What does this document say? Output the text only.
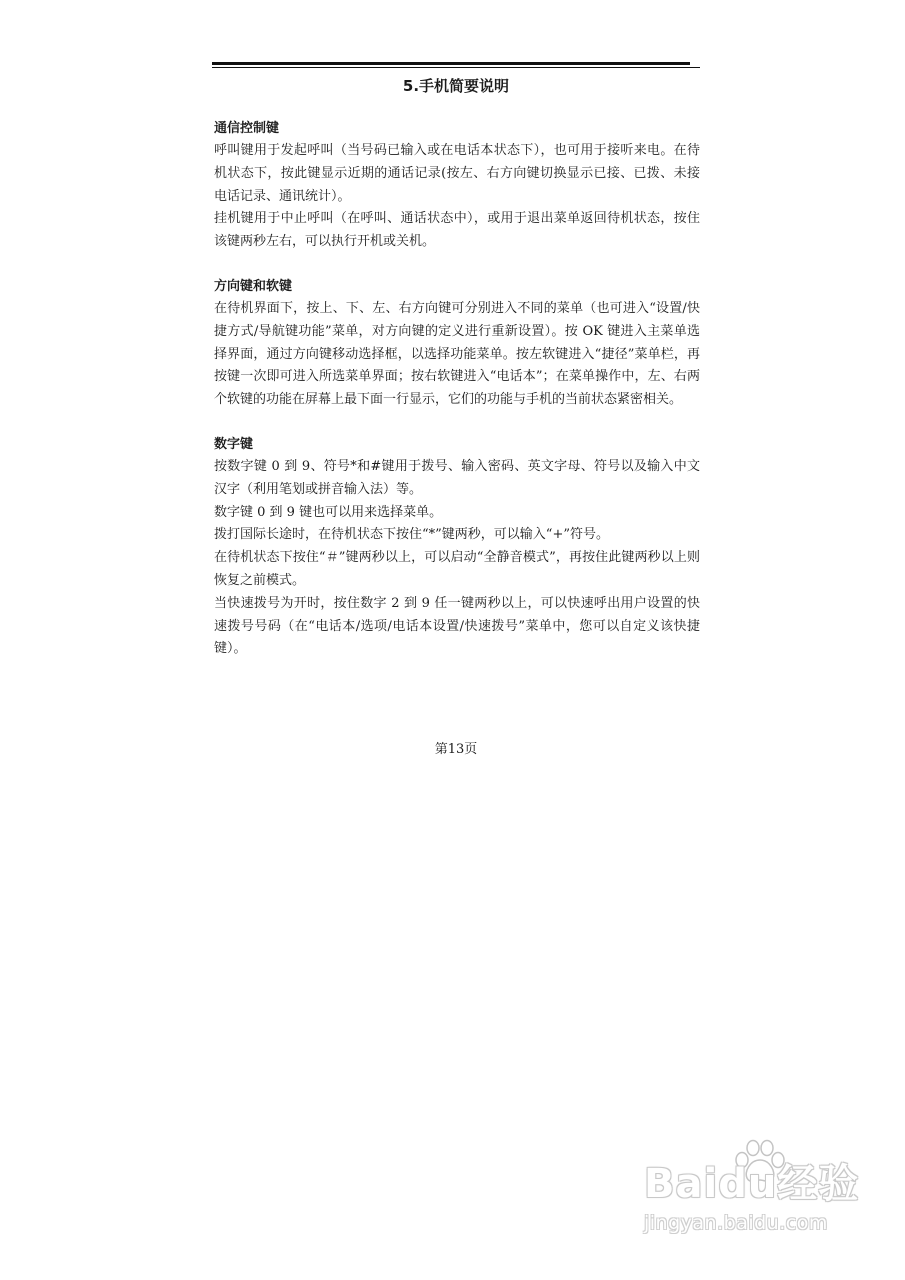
5.手机简要说明

通信控制键

呼叫键用于发起呼叫（当号码已输入或在电话本状态下），也可用于接听来电。在待机状态下，按此键显示近期的通话记录(按左、右方向键切换显示已接、已拨、未接电话记录、通讯统计）。

挂机键用于中止呼叫（在呼叫、通话状态中），或用于退出菜单返回待机状态，按住该键两秒左右，可以执行开机或关机。

方向键和软键

在待机界面下，按上、下、左、右方向键可分别进入不同的菜单（也可进入“设置/快捷方式/导航键功能”菜单，对方向键的定义进行重新设置）。按 OK 键进入主菜单选择界面，通过方向键移动选择框，以选择功能菜单。按左软键进入“捷径”菜单栏，再按键一次即可进入所选菜单界面；按右软键进入“电话本”；在菜单操作中，左、右两个软键的功能在屏幕上最下面一行显示，它们的功能与手机的当前状态紧密相关。

数字键

按数字键 0 到 9、符号*和#键用于拨号、输入密码、英文字母、符号以及输入中文汉字（利用笔划或拼音输入法）等。

数字键 0 到 9 键也可以用来选择菜单。

拨打国际长途时，在待机状态下按住“*”键两秒，可以输入“+”符号。

在待机状态下按住“＃”键两秒以上，可以启动“全静音模式”，再按住此键两秒以上则恢复之前模式。

当快速拨号为开时，按住数字 2 到 9 任一键两秒以上，可以快速呼出用户设置的快速拨号号码（在“电话本/选项/电话本设置/快速拨号”菜单中，您可以自定义该快捷键）。

第13页
Baidu经验
jingyan.baidu.com
